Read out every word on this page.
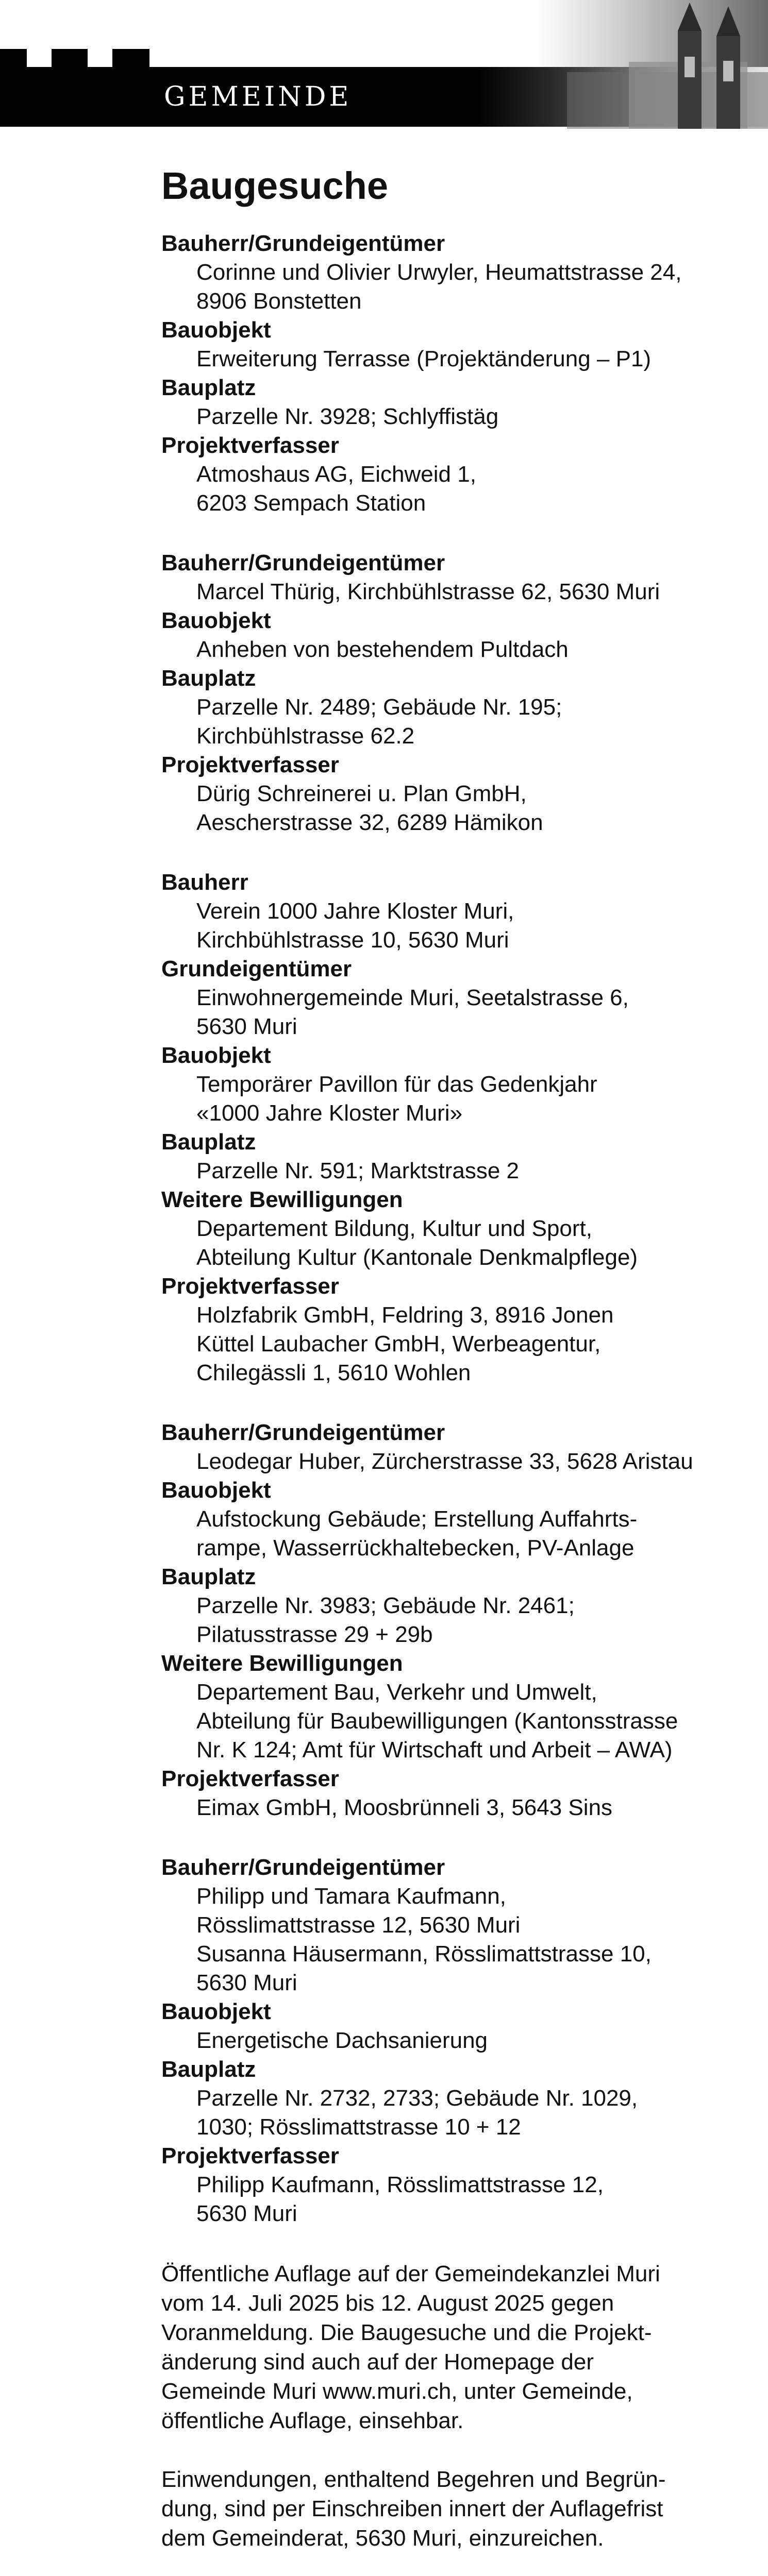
GEMEINDE
Baugesuche
Bauherr/Grundeigentümer
Corinne und Olivier Urwyler, Heumattstrasse 24,
8906 Bonstetten
Bauobjekt
Erweiterung Terrasse (Projektänderung – P1)
Bauplatz
Parzelle Nr. 3928; Schlyffistäg
Projektverfasser
Atmoshaus AG, Eichweid 1,
6203 Sempach Station
Bauherr/Grundeigentümer
Marcel Thürig, Kirchbühlstrasse 62, 5630 Muri
Bauobjekt
Anheben von bestehendem Pultdach
Bauplatz
Parzelle Nr. 2489; Gebäude Nr. 195;
Kirchbühlstrasse 62.2
Projektverfasser
Dürig Schreinerei u. Plan GmbH,
Aescherstrasse 32, 6289 Hämikon
Bauherr
Verein 1000 Jahre Kloster Muri,
Kirchbühlstrasse 10, 5630 Muri
Grundeigentümer
Einwohnergemeinde Muri, Seetalstrasse 6,
5630 Muri
Bauobjekt
Temporärer Pavillon für das Gedenkjahr
«1000 Jahre Kloster Muri»
Bauplatz
Parzelle Nr. 591; Marktstrasse 2
Weitere Bewilligungen
Departement Bildung, Kultur und Sport,
Abteilung Kultur (Kantonale Denkmalpflege)
Projektverfasser
Holzfabrik GmbH, Feldring 3, 8916 Jonen
Küttel Laubacher GmbH, Werbeagentur,
Chilegässli 1, 5610 Wohlen
Bauherr/Grundeigentümer
Leodegar Huber, Zürcherstrasse 33, 5628 Aristau
Bauobjekt
Aufstockung Gebäude; Erstellung Auffahrts-
rampe, Wasserrückhaltebecken, PV-Anlage
Bauplatz
Parzelle Nr. 3983; Gebäude Nr. 2461;
Pilatusstrasse 29 + 29b
Weitere Bewilligungen
Departement Bau, Verkehr und Umwelt,
Abteilung für Baubewilligungen (Kantonsstrasse
Nr. K 124; Amt für Wirtschaft und Arbeit – AWA)
Projektverfasser
Eimax GmbH, Moosbrünneli 3, 5643 Sins
Bauherr/Grundeigentümer
Philipp und Tamara Kaufmann,
Rösslimattstrasse 12, 5630 Muri
Susanna Häusermann, Rösslimattstrasse 10,
5630 Muri
Bauobjekt
Energetische Dachsanierung
Bauplatz
Parzelle Nr. 2732, 2733; Gebäude Nr. 1029,
1030; Rösslimattstrasse 10 + 12
Projektverfasser
Philipp Kaufmann, Rösslimattstrasse 12,
5630 Muri
Öffentliche Auflage auf der Gemeindekanzlei Muri
vom 14. Juli 2025 bis 12. August 2025 gegen
Voranmeldung. Die Baugesuche und die Projekt-
änderung sind auch auf der Homepage der
Gemeinde Muri www.muri.ch, unter Gemeinde,
öffentliche Auflage, einsehbar.
Einwendungen, enthaltend Begehren und Begrün-
dung, sind per Einschreiben innert der Auflagefrist
dem Gemeinderat, 5630 Muri, einzureichen.
